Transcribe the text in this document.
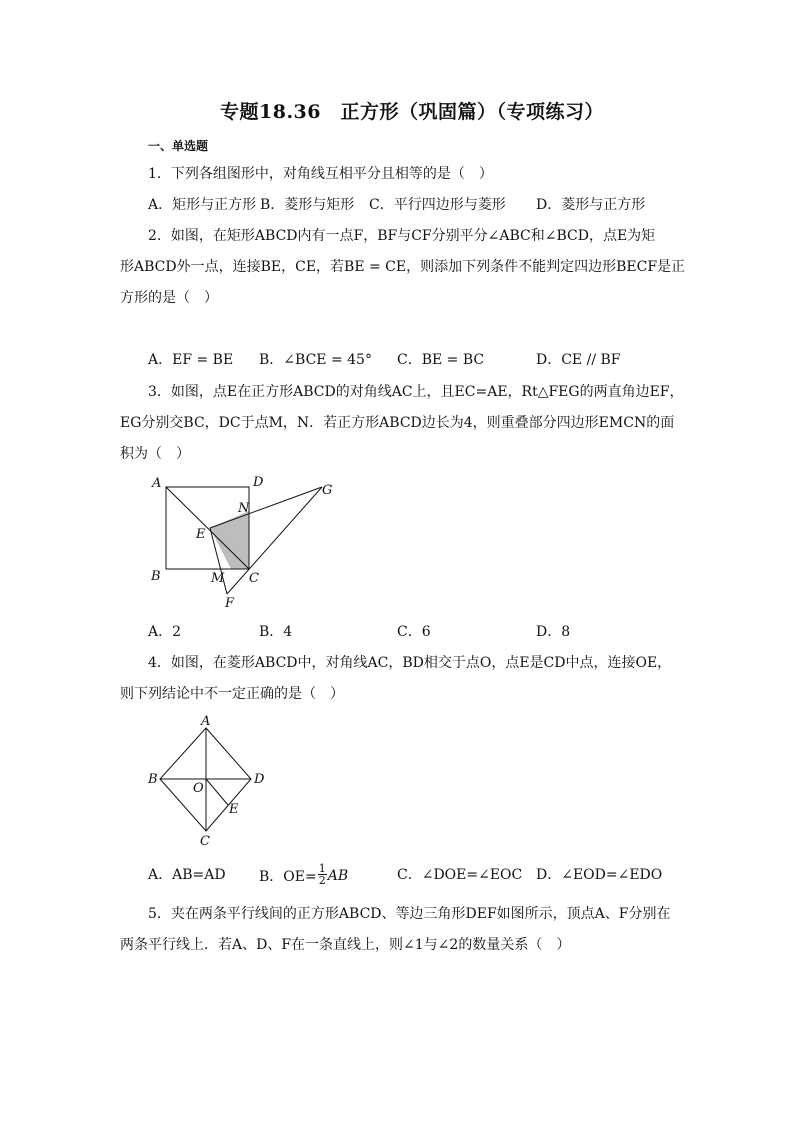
专题18.36　正方形（巩固篇）（专项练习）
一、单选题
1．下列各组图形中，对角线互相平分且相等的是（　）
A．矩形与正方形 B．菱形与矩形 C．平行四边形与菱形 D．菱形与正方形
2．如图，在矩形ABCD内有一点F，BF与CF分别平分∠ABC和∠BCD，点E为矩
形ABCD外一点，连接BE，CE，若BE = CE，则添加下列条件不能判定四边形BECF是正
方形的是（　）
A．EF = BE B．∠BCE = 45° C．BE = BC	D．CE // BF
3．如图，点E在正方形ABCD的对角线AC上，且EC=AE，Rt△FEG的两直角边EF，
EG分别交BC，DC于点M，N．若正方形ABCD边长为4，则重叠部分四边形EMCN的面
积为（　）
A	D
B	C
E
F
G
M
N
A．2	B．4	C．6	D．8
4．如图，在菱形ABCD中，对角线AC，BD相交于点O，点E是CD中点，连接OE，
则下列结论中不一定正确的是（　）
A
B	D
C
O
E
A．AB=AD B．$OE= \frac{1}{2}$ AB	C．∠DOE=∠EOC D．∠EOD=∠EDO
5．夹在两条平行线间的正方形ABCD、等边三角形DEF如图所示，顶点A、F分别在
两条平行线上．若A、D、F在一条直线上，则∠1与∠2的数量关系（　）
